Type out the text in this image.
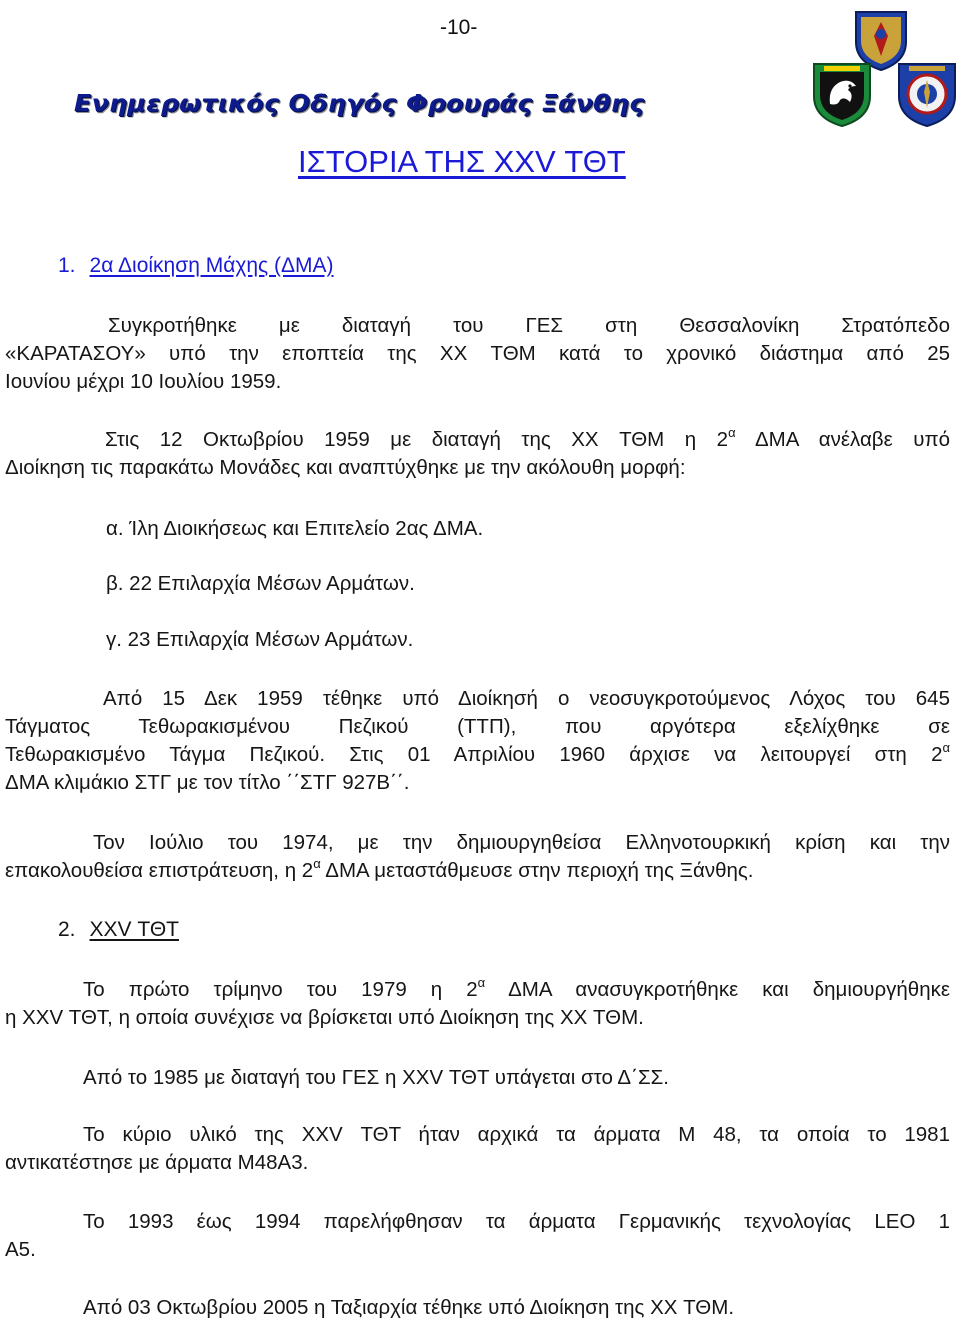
-10-
Ενημερωτικός Οδηγός Φρουράς Ξάνθης
ΙΣΤΟΡΙΑ ΤΗΣ XXV ΤΘΤ
1. 2α Διοίκηση Μάχης (ΔΜΑ)
Συγκροτήθηκε με διαταγή του ΓΕΣ στη Θεσσαλονίκη Στρατόπεδο
«ΚΑΡΑΤΑΣΟΥ» υπό την εποπτεία της XX ΤΘΜ κατά το χρονικό διάστημα από 25
Ιουνίου μέχρι 10 Ιουλίου 1959.
Στις 12 Οκτωβρίου 1959 με διαταγή της XX ΤΘΜ η $2^\alpha$ ΔΜΑ ανέλαβε υπό
Διοίκηση τις παρακάτω Μονάδες και αναπτύχθηκε με την ακόλουθη μορφή:
α. Ίλη Διοικήσεως και Επιτελείο 2ας ΔΜΑ.
β. 22 Επιλαρχία Μέσων Αρμάτων.
γ. 23 Επιλαρχία Μέσων Αρμάτων.
Από 15 Δεκ 1959 τέθηκε υπό Διοίκησή ο νεοσυγκροτούμενος Λόχος του 645
Τάγματος Τεθωρακισμένου Πεζικού (ΤΤΠ), που αργότερα εξελίχθηκε σε
Τεθωρακισμένο Τάγμα Πεζικού. Στις 01 Απριλίου 1960 άρχισε να λειτουργεί στη $2^\alpha$
ΔΜΑ κλιμάκιο ΣΤΓ με τον τίτλο ΄΄ΣΤΓ 927Β΄΄.
Τον Ιούλιο του 1974, με την δημιουργηθείσα Ελληνοτουρκική κρίση και την
επακολουθείσα επιστράτευση, η $2^\alpha$ ΔΜΑ μεταστάθμευσε στην περιοχή της Ξάνθης.
2. XXV ΤΘΤ
Το πρώτο τρίμηνο του 1979 η $2^\alpha$ ΔΜΑ ανασυγκροτήθηκε και δημιουργήθηκε
η XXV ΤΘΤ, η οποία συνέχισε να βρίσκεται υπό Διοίκηση της XX ΤΘΜ.
Από το 1985 με διαταγή του ΓΕΣ η XXV ΤΘΤ υπάγεται στο Δ΄ΣΣ.
Το κύριο υλικό της XXV ΤΘΤ ήταν αρχικά τα άρματα Μ 48, τα οποία το 1981
αντικατέστησε με άρματα Μ48Α3.
Το 1993 έως 1994 παρελήφθησαν τα άρματα Γερμανικής τεχνολογίας LEO 1
Α5.
Από 03 Οκτωβρίου 2005 η Ταξιαρχία τέθηκε υπό Διοίκηση της XX ΤΘΜ.
